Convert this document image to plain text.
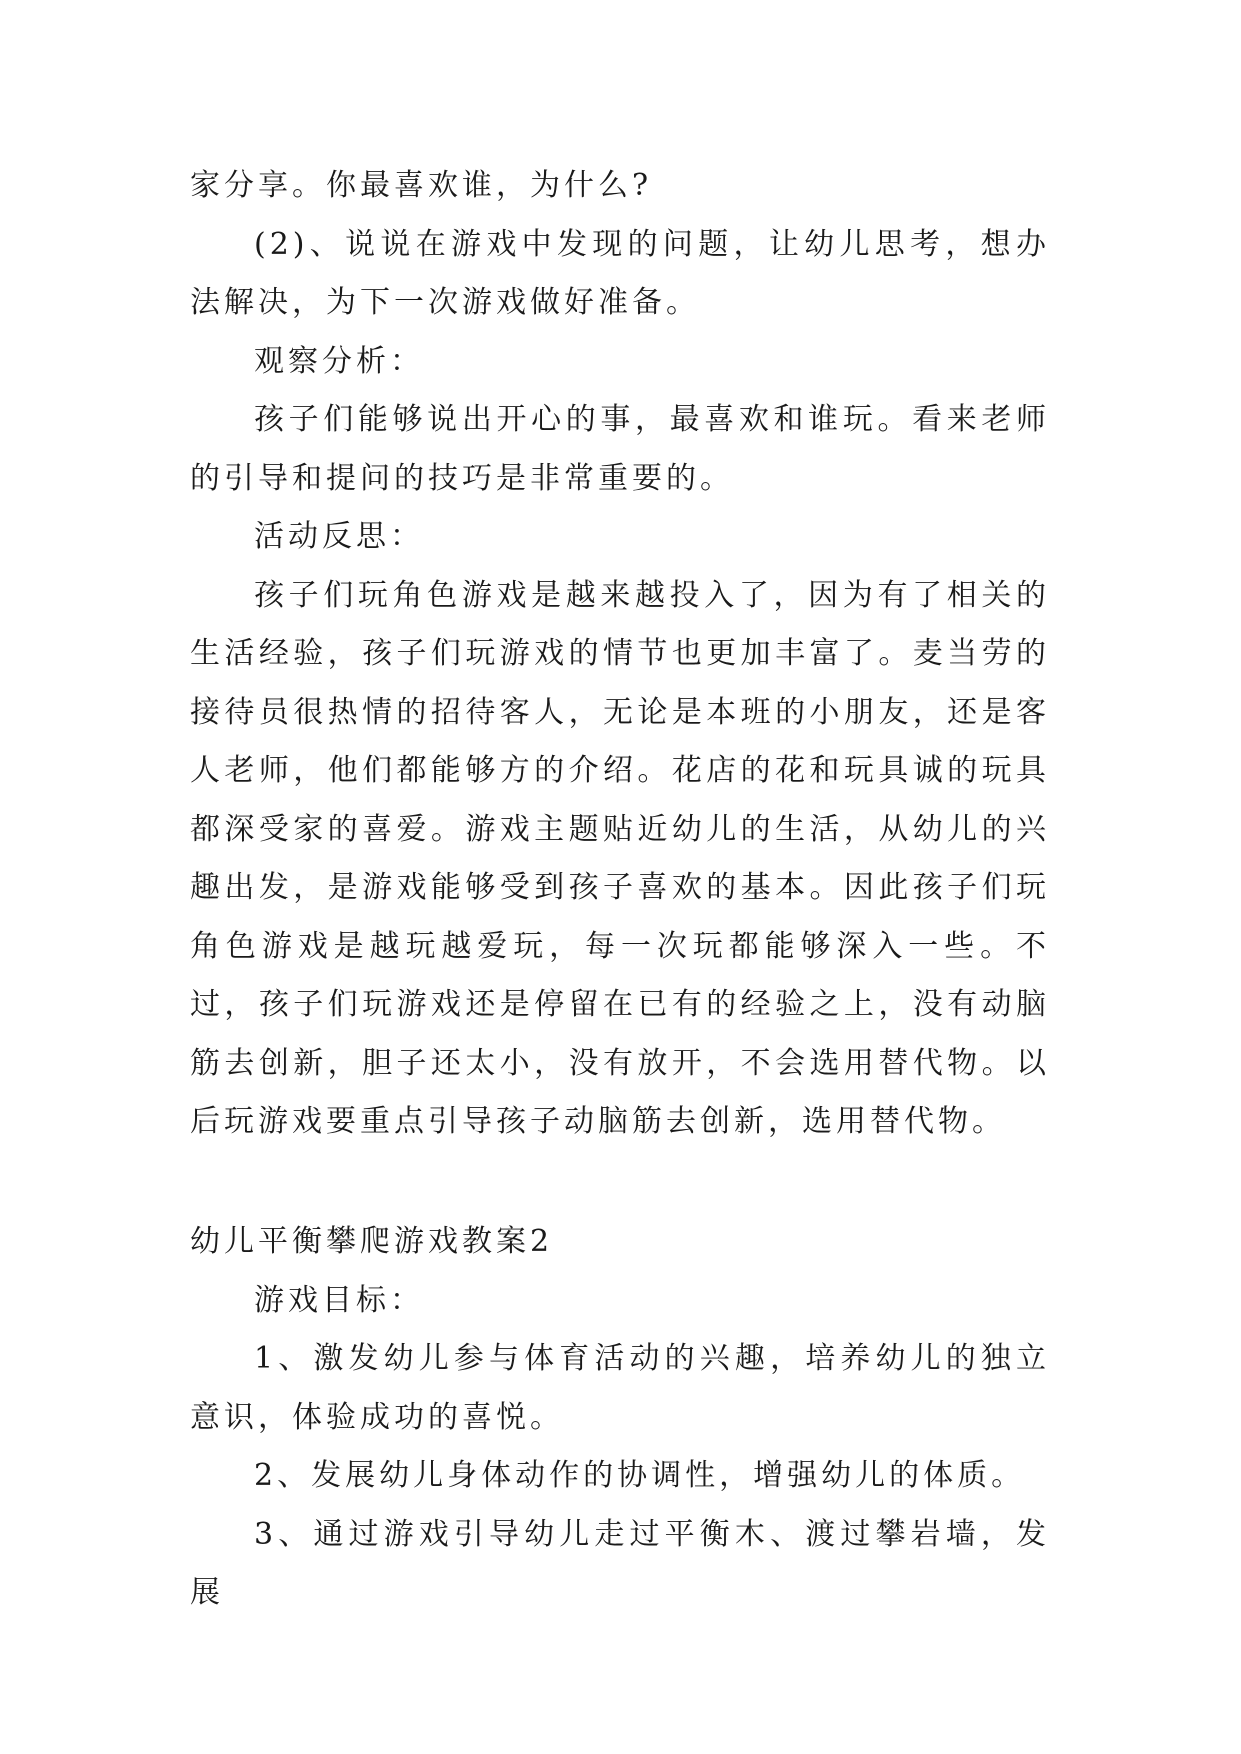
家分享。你最喜欢谁，为什么?

(2)、说说在游戏中发现的问题，让幼儿思考，想办法解决，为下一次游戏做好准备。

观察分析：

孩子们能够说出开心的事，最喜欢和谁玩。看来老师的引导和提问的技巧是非常重要的。

活动反思：

孩子们玩角色游戏是越来越投入了，因为有了相关的生活经验，孩子们玩游戏的情节也更加丰富了。麦当劳的接待员很热情的招待客人，无论是本班的小朋友，还是客人老师，他们都能够方的介绍。花店的花和玩具诚的玩具都深受家的喜爱。游戏主题贴近幼儿的生活，从幼儿的兴趣出发，是游戏能够受到孩子喜欢的基本。因此孩子们玩角色游戏是越玩越爱玩，每一次玩都能够深入一些。不过，孩子们玩游戏还是停留在已有的经验之上，没有动脑筋去创新，胆子还太小，没有放开，不会选用替代物。以后玩游戏要重点引导孩子动脑筋去创新，选用替代物。

幼儿平衡攀爬游戏教案2

游戏目标：

1、激发幼儿参与体育活动的兴趣，培养幼儿的独立意识，体验成功的喜悦。

2、发展幼儿身体动作的协调性，增强幼儿的体质。

3、通过游戏引导幼儿走过平衡木、渡过攀岩墙，发展
